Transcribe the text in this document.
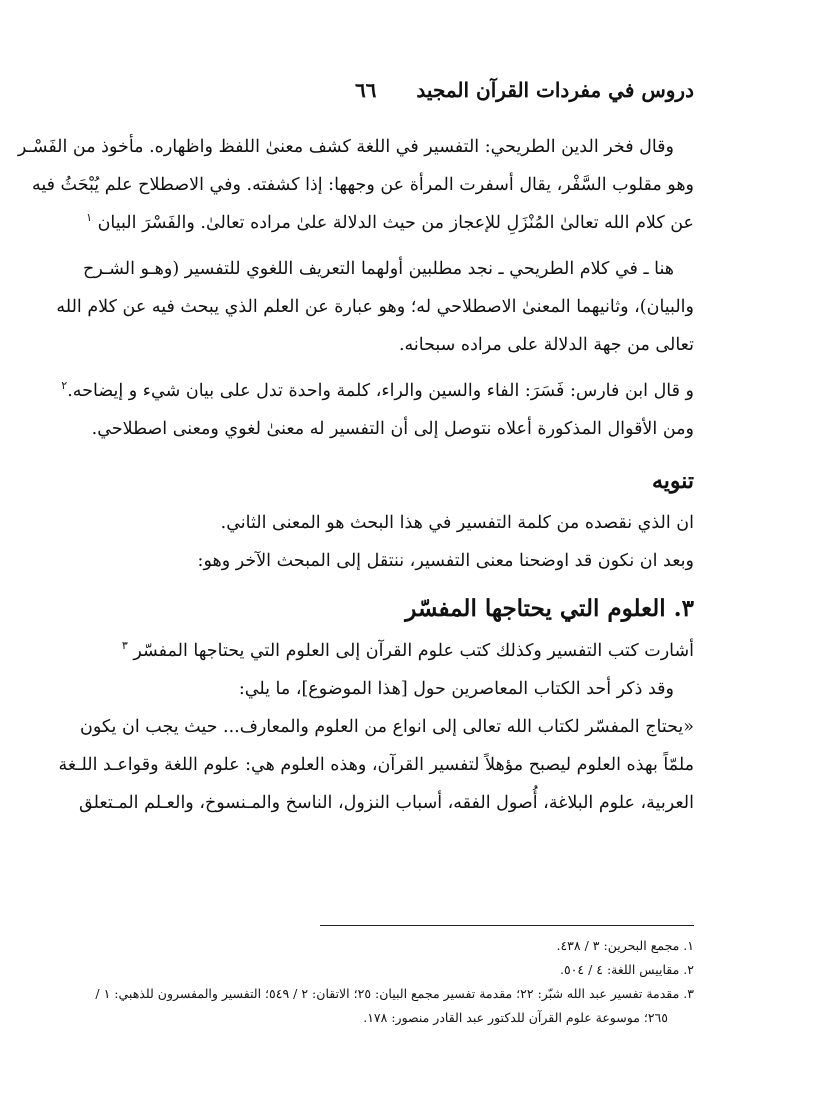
دروس في مفردات القرآن المجيد
٦٦
وقال فخر الدين الطريحي: التفسير في اللغة كشف معنىٰ اللفظ واظهاره. مأخوذ من الفَسْـر
وهو مقلوب السَّفْر، يقال أسفرت المرأة عن وجهها: إذا كشفته. وفي الاصطلاح علم يُبْحَثُ فيه
عن كلام الله تعالىٰ المُنْزَلِ للإعجاز من حيث الدلالة علىٰ مراده تعالىٰ. والفَسْرَ البيان $^١$
هنا ـ في كلام الطريحي ـ نجد مطلبين أولهما التعريف اللغوي للتفسير (وهـو الشـرح
والبيان)، وثانيهما المعنىٰ الاصطلاحي له؛ وهو عبارة عن العلم الذي يبحث فيه عن كلام الله
تعالى من جهة الدلالة على مراده سبحانه.
و قال ابن فارس: فَسَرَ: الفاء والسين والراء، كلمة واحدة تدل على بيان شيء و إيضاحه.$^٢$
ومن الأقوال المذكورة أعلاه نتوصل إلى أن التفسير له معنىٰ لغوي ومعنى اصطلاحي.
تنويه
ان الذي نقصده من كلمة التفسير في هذا البحث هو المعنى الثاني.
وبعد ان نكون قد اوضحنا معنى التفسير، ننتقل إلى المبحث الآخر وهو:
٣. العلوم التي يحتاجها المفسّر
أشارت كتب التفسير وكذلك كتب علوم القرآن إلى العلوم التي يحتاجها المفسّر $^٣$
وقد ذكر أحد الكتاب المعاصرين حول [هذا الموضوع]، ما يلي:
«يحتاج المفسّر لكتاب الله تعالى إلى انواع من العلوم والمعارف... حيث يجب ان يكون
ملمّاً بهذه العلوم ليصبح مؤهلاً لتفسير القرآن، وهذه العلوم هي: علوم اللغة وقواعـد اللـغة
العربية، علوم البلاغة، أُصول الفقه، أسباب النزول، الناسخ والمـنسوخ، والعـلم المـتعلق
١. مجمع البحرين: ٣ / ٤٣٨.
٢. مقاييس اللغة: ٤ / ٥٠٤.
٣. مقدمة تفسير عبد الله شبّر: ٢٢؛ مقدمة تفسير مجمع البيان: ٢٥؛ الاتقان: ٢ / ٥٤٩؛ التفسير والمفسرون للذهبي: ١ /
٢٦٥؛ موسوعة علوم القرآن للدكتور عبد القادر منصور: ١٧٨.
